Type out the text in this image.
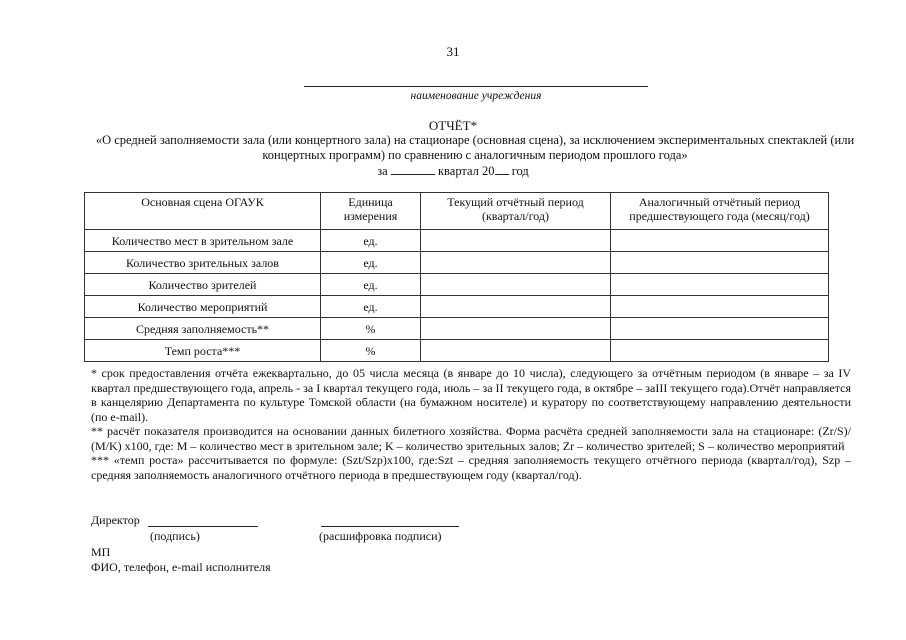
31
наименование учреждения
ОТЧЁТ*
«О средней заполняемости зала (или концертного зала) на стационаре (основная сцена), за исключением экспериментальных спектаклей (или концертных программ) по сравнению с аналогичным периодом прошлого года»
за	квартал 20 год
Основная сцена ОГАУК	Единица измерения	Текущий отчётный период (квартал/год)	Аналогичный отчётный период предшествующего года (месяц/год)
Количество мест в зрительном зале	ед.		
Количество зрительных залов	ед.		
Количество зрителей	ед.		
Количество мероприятий	ед.		
Средняя заполняемость**	%		
Темп роста***	%		

* срок предоставления отчёта ежеквартально, до 05 числа месяца (в январе до 10 числа), следующего за отчётным периодом (в январе – за IV квартал предшествующего года, апрель - за I квартал текущего года, июль – за II текущего года, в октябре – заIII текущего года).Отчёт направляется в канцелярию Департамента по культуре Томской области (на бумажном носителе) и куратору по соответствующему направлению деятельности (по e-mail).

** расчёт показателя производится на основании данных билетного хозяйства. Форма расчёта средней заполняемости зала на стационаре: (Zr/S)/ (M/K) x100, где: M – количество мест в зрительном зале; K – количество зрительных залов; Zr – количество зрителей; S – количество мероприятий

*** «темп роста» рассчитывается по формуле: (Szt/Szp)x100, где:Szt – средняя заполняемость текущего отчётного периода (квартал/год), Szp – средняя заполняемость аналогичного отчётного периода в предшествующем году (квартал/год).

Директор
(подпись)	(расшифровка подписи)
МП
ФИО, телефон, e-mail исполнителя
